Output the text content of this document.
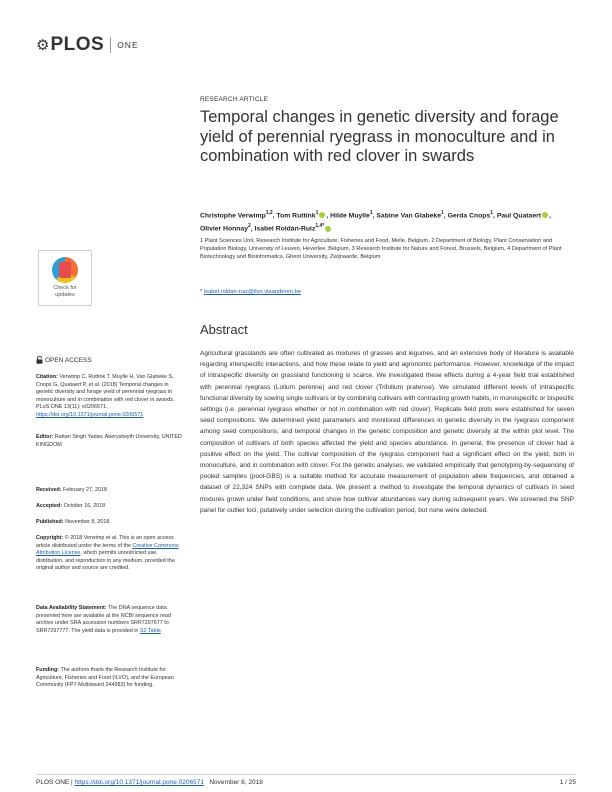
⚙ PLOS ONE
RESEARCH ARTICLE
Temporal changes in genetic diversity and forage yield of perennial ryegrass in monoculture and in combination with red clover in swards
Christophe Verwimp$^{1,2}$, Tom Ruttink$^1$ , Hilde Muylle$^1$, Sabine Van Glabeke$^1$, Gerda Cnops$^1$, Paul Quataert , Olivier Honnay$^2$, Isabel Roldán-Ruiz$^{1,4*}$
1 Plant Sciences Unit, Research Institute for Agriculture, Fisheries and Food, Melle, Belgium, 2 Department of Biology, Plant Conservation and Population Biology, University of Leuven, Heverlee, Belgium, 3 Research Institute for Nature and Forest, Brussels, Belgium, 4 Department of Plant Biotechnology and Bioinformatics, Ghent University, Zwijnaarde, Belgium
* isabel.roldan-ruiz@ilvo.vlaanderen.be
Abstract
Agricultural grasslands are often cultivated as mixtures of grasses and legumes, and an extensive body of literature is available regarding interspecific interactions, and how these relate to yield and agronomic performance. However, knowledge of the impact of intraspecific diversity on grassland functioning is scarce. We investigated these effects during a 4-year field trial established with perennial ryegrass (Lolium perenne) and red clover (Trifolium pratense). We simulated different levels of intraspecific functional diversity by sowing single cultivars or by combining cultivars with contrasting growth habits, in monospecific or bispecific settings (i.e. perennial ryegrass whether or not in combination with red clover). Replicate field plots were established for seven seed compositions. We determined yield parameters and monitored differences in genetic diversity in the ryegrass component among seed compositions, and temporal changes in the genetic composition and genetic diversity at the within plot level. The composition of cultivars of both species affected the yield and species abundance. In general, the presence of clover had a positive effect on the yield. The cultivar composition of the ryegrass component had a significant effect on the yield, both in monoculture, and in combination with clover. For the genetic analyses, we validated empirically that genotyping-by-sequencing of pooled samples (pool-GBS) is a suitable method for accurate measurement of population allele frequencies, and obtained a dataset of 22,324 SNPs with complete data. We present a method to investigate the temporal dynamics of cultivars in seed mixtures grown under field conditions, and show how cultivar abundances vary during subsequent years. We screened the SNP panel for outlier loci, putatively under selection during the cultivation period, but none were detected.
Check for
updates
OPEN ACCESS
Citation: Verwimp C, Ruttink T, Muylle H, Van Glabeke S, Cnops G, Quataert P, et al. (2018) Temporal changes in genetic diversity and forage yield of perennial ryegrass in monoculture and in combination with red clover in swards. PLoS ONE 13(11): e0206571. https://doi.org/10.1371/journal.pone.0206571
Editor: Rattan Singh Yadav, Aberystwyth University, UNITED KINGDOM
Received: February 27, 2018
Accepted: October 16, 2018
Published: November 8, 2018
Copyright: © 2018 Verwimp et al. This is an open access article distributed under the terms of the Creative Commons Attribution License, which permits unrestricted use, distribution, and reproduction in any medium, provided the original author and source are credited.
Data Availability Statement: The DNA sequence data presented here are available at the NCBI sequence read archive under SRA accession numbers SRR7297677 to SRR7297777. The yield data is provided in S2 Table.
Funding: The authors thank the Research Institute for Agriculture, Fisheries and Food (ILVO), and the European Community (FP7-Multisward 244983) for funding.
PLOS ONE | https://doi.org/10.1371/journal.pone.0206571 November 8, 2018	1 / 25
